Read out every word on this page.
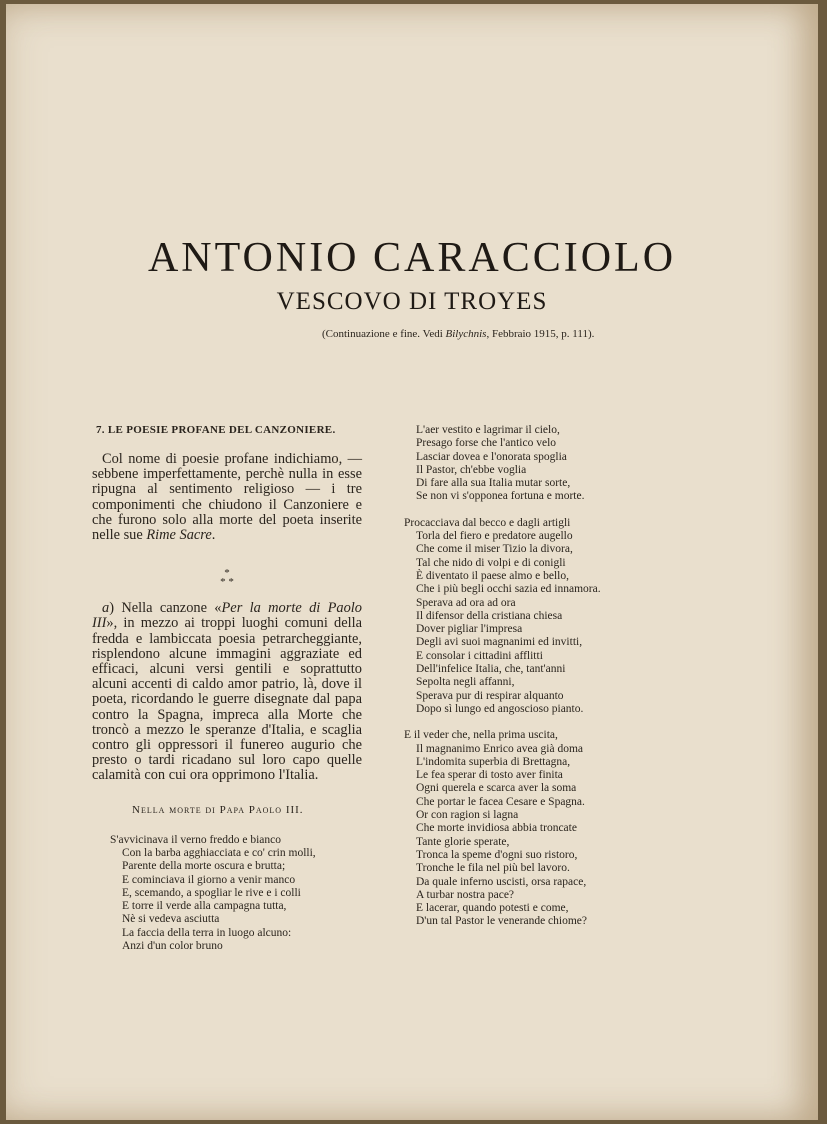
ANTONIO CARACCIOLO
VESCOVO DI TROYES
(Continuazione e fine. Vedi Bilychnis, Febbraio 1915, p. 111).

7. LE POESIE PROFANE DEL CANZONIERE.

Col nome di poesie profane indichiamo, — sebbene imperfettamente, perchè nulla in esse ripugna al sentimento religioso — i tre componimenti che chiudono il Canzoniere e che furono solo alla morte del poeta inserite nelle sue Rime Sacre.

*
* *

a) Nella canzone «Per la morte di Paolo III», in mezzo ai troppi luoghi comuni della fredda e lambiccata poesia petrarcheggiante, risplendono alcune immagini aggraziate ed efficaci, alcuni versi gentili e soprattutto alcuni accenti di caldo amor patrio, là, dove il poeta, ricordando le guerre disegnate dal papa contro la Spagna, impreca alla Morte che troncò a mezzo le speranze d'Italia, e scaglia contro gli oppressori il funereo augurio che presto o tardi ricadano sul loro capo quelle calamità con cui ora opprimono l'Italia.

Nella morte di Papa Paolo III.
S'avvicinava il verno freddo e bianco
Con la barba agghiacciata e co' crin molli,
Parente della morte oscura e brutta;
E cominciava il giorno a venir manco
E, scemando, a spogliar le rive e i colli
E torre il verde alla campagna tutta,
Nè si vedeva asciutta
La faccia della terra in luogo alcuno:
Anzi d'un color bruno
L'aer vestito e lagrimar il cielo,
Presago forse che l'antico velo
Lasciar dovea e l'onorata spoglia
Il Pastor, ch'ebbe voglia
Di fare alla sua Italia mutar sorte,
Se non vi s'opponea fortuna e morte.
Procacciava dal becco e dagli artigli
Torla del fiero e predatore augello
Che come il miser Tizio la divora,
Tal che nido di volpi e di conigli
È diventato il paese almo e bello,
Che i più begli occhi sazia ed innamora.
Sperava ad ora ad ora
Il difensor della cristiana chiesa
Dover pigliar l'impresa
Degli avi suoi magnanimi ed invitti,
E consolar i cittadini afflitti
Dell'infelice Italia, che, tant'anni
Sepolta negli affanni,
Sperava pur di respirar alquanto
Dopo sì lungo ed angoscioso pianto.
E il veder che, nella prima uscita,
Il magnanimo Enrico avea già doma
L'indomita superbia di Brettagna,
Le fea sperar di tosto aver finita
Ogni querela e scarca aver la soma
Che portar le facea Cesare e Spagna.
Or con ragion si lagna
Che morte invidiosa abbia troncate
Tante glorie sperate,
Tronca la speme d'ogni suo ristoro,
Tronche le fila nel più bel lavoro.
Da quale inferno uscisti, orsa rapace,
A turbar nostra pace?
E lacerar, quando potesti e come,
D'un tal Pastor le venerande chiome?
